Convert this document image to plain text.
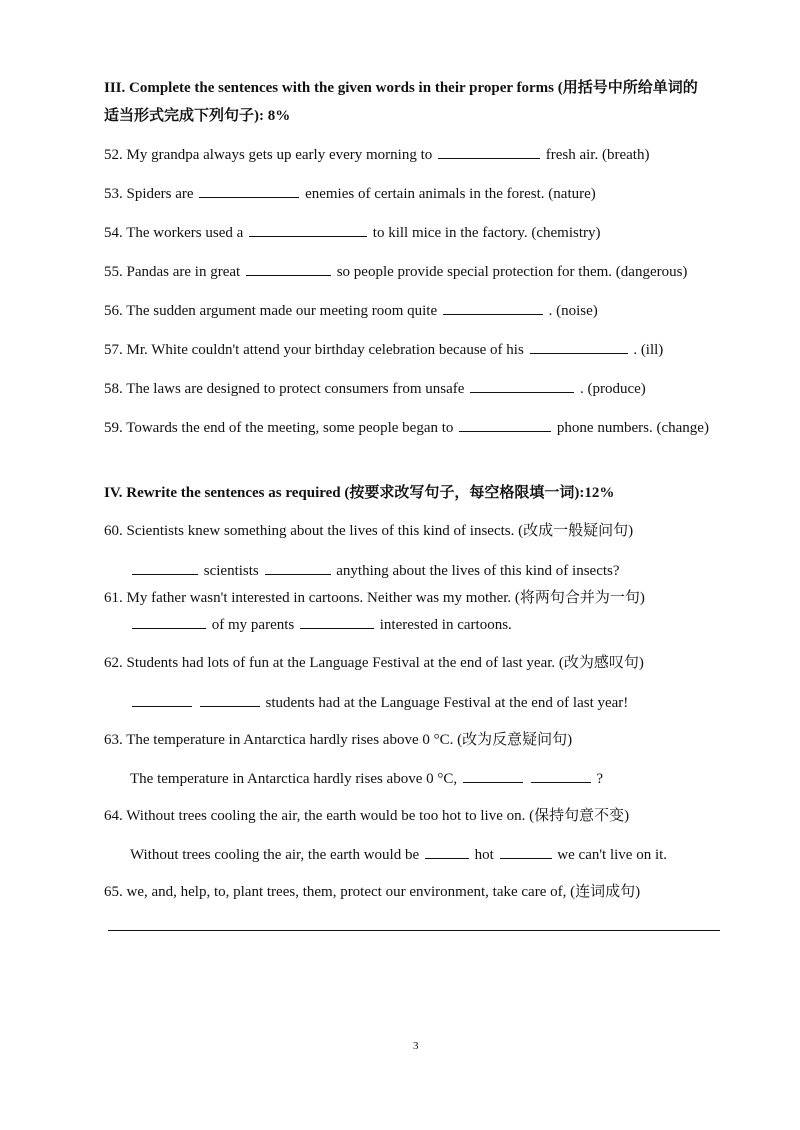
III. Complete the sentences with the given words in their proper forms (用括号中所给单词的
适当形式完成下列句子): 8%
52. My grandpa always gets up early every morning to	fresh air. (breath)
53. Spiders are	enemies of certain animals in the forest. (nature)
54. The workers used a	to kill mice in the factory. (chemistry)
55. Pandas are in great	so people provide special protection for them. (dangerous)
56. The sudden argument made our meeting room quite	. (noise)
57. Mr. White couldn't attend your birthday celebration because of his	. (ill)
58. The laws are designed to protect consumers from unsafe	. (produce)
59. Towards the end of the meeting, some people began to	phone numbers. (change)
IV. Rewrite the sentences as required (按要求改写句子，每空格限填一词):12%
60. Scientists knew something about the lives of this kind of insects. (改成一般疑问句)
scientists	anything about the lives of this kind of insects?
61. My father wasn't interested in cartoons. Neither was my mother. (将两句合并为一句)
of my parents	interested in cartoons.
62. Students had lots of fun at the Language Festival at the end of last year. (改为感叹句)
students had at the Language Festival at the end of last year!
63. The temperature in Antarctica hardly rises above 0 °C. (改为反意疑问句)
The temperature in Antarctica hardly rises above 0 °C,	?
64. Without trees cooling the air, the earth would be too hot to live on. (保持句意不变)
Without trees cooling the air, the earth would be	hot	we can't live on it.
65. we, and, help, to, plant trees, them, protect our environment, take care of, (连词成句)
3
